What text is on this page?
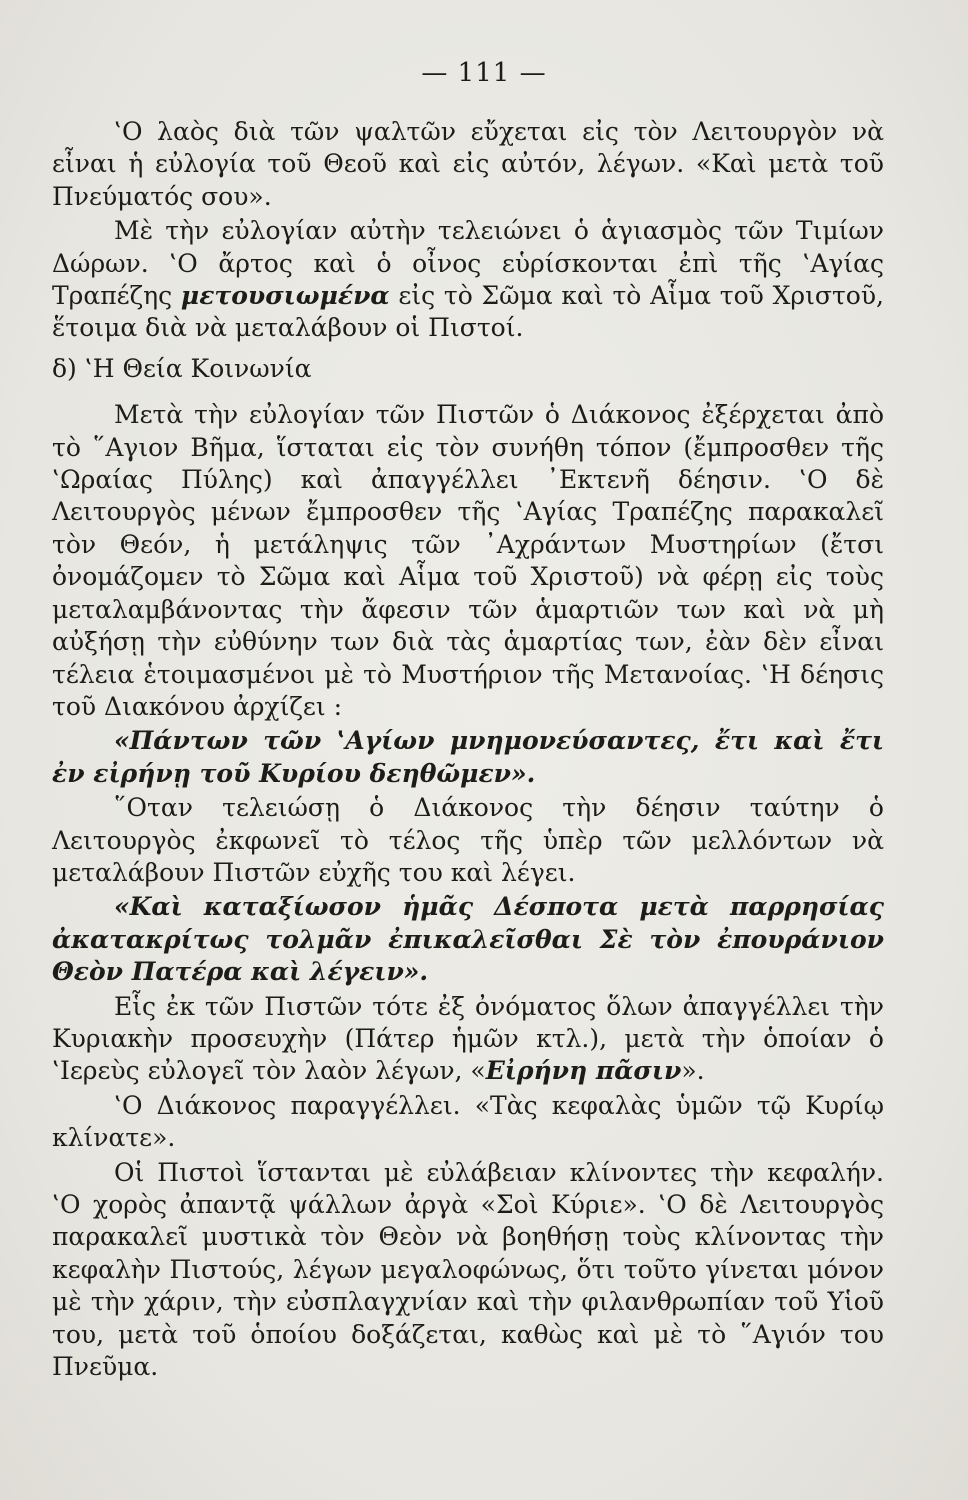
— 111 —

‛Ο λαὸς διὰ τῶν ψαλτῶν εὔχεται εἰς τὸν Λειτουργὸν νὰ εἶναι ἡ εὐλογία τοῦ Θεοῦ καὶ εἰς αὐτόν, λέγων. «Καὶ μετὰ τοῦ Πνεύματός σου».

Μὲ τὴν εὐλογίαν αὐτὴν τελειώνει ὁ ἁγιασμὸς τῶν Τιμίων Δώρων. ‛Ο ἄρτος καὶ ὁ οἶνος εὑρίσκονται ἐπὶ τῆς ‛Αγίας Τραπέζης μετουσιωμένα εἰς τὸ Σῶμα καὶ τὸ Αἷμα τοῦ Χριστοῦ, ἕτοιμα διὰ νὰ μεταλάβουν οἱ Πιστοί.

δ) ‛Η Θεία Κοινωνία

Μετὰ τὴν εὐλογίαν τῶν Πιστῶν ὁ Διάκονος ἐξέρχεται ἀπὸ τὸ ῞Αγιον Βῆμα, ἵσταται εἰς τὸν συνήθη τόπον (ἔμπροσθεν τῆς ‛Ωραίας Πύλης) καὶ ἀπαγγέλλει ᾿Εκτενῆ δέησιν. ‛Ο δὲ Λειτουργὸς μένων ἔμπροσθεν τῆς ‛Αγίας Τραπέζης παρακαλεῖ τὸν Θεόν, ἡ μετάληψις τῶν ᾿Αχράντων Μυστηρίων (ἔτσι ὀνομάζομεν τὸ Σῶμα καὶ Αἷμα τοῦ Χριστοῦ) νὰ φέρῃ εἰς τοὺς μεταλαμβάνοντας τὴν ἄφεσιν τῶν ἁμαρτιῶν των καὶ νὰ μὴ αὐξήσῃ τὴν εὐθύνην των διὰ τὰς ἁμαρτίας των, ἐὰν δὲν εἶναι τέλεια ἑτοιμασμένοι μὲ τὸ Μυστήριον τῆς Μετανοίας. ‛Η δέησις τοῦ Διακόνου ἀρχίζει :

«Πάντων τῶν ‛Αγίων μνημονεύσαντες, ἔτι καὶ ἔτι ἐν εἰρήνῃ τοῦ Κυρίου δεηθῶμεν».

῞Οταν τελειώσῃ ὁ Διάκονος τὴν δέησιν ταύτην ὁ Λειτουργὸς ἐκφωνεῖ τὸ τέλος τῆς ὑπὲρ τῶν μελλόντων νὰ μεταλάβουν Πιστῶν εὐχῆς του καὶ λέγει.

«Καὶ καταξίωσον ἡμᾶς Δέσποτα μετὰ παρρησίας ἀκατακρίτως τολμᾶν ἐπικαλεῖσθαι Σὲ τὸν ἐπουράνιον Θεὸν Πατέρα καὶ λέγειν».

Εἷς ἐκ τῶν Πιστῶν τότε ἐξ ὀνόματος ὅλων ἀπαγγέλλει τὴν Κυριακὴν προσευχὴν (Πάτερ ἡμῶν κτλ.), μετὰ τὴν ὁποίαν ὁ ‛Ιερεὺς εὐλογεῖ τὸν λαὸν λέγων, «Εἰρήνη πᾶσιν».

‛Ο Διάκονος παραγγέλλει. «Τὰς κεφαλὰς ὑμῶν τῷ Κυρίῳ κλίνατε».

Οἱ Πιστοὶ ἵστανται μὲ εὐλάβειαν κλίνοντες τὴν κεφαλήν. ‛Ο χορὸς ἀπαντᾷ ψάλλων ἀργὰ «Σοὶ Κύριε». ‛Ο δὲ Λειτουργὸς παρακαλεῖ μυστικὰ τὸν Θεὸν νὰ βοηθήσῃ τοὺς κλίνοντας τὴν κεφαλὴν Πιστούς, λέγων μεγαλοφώνως, ὅτι τοῦτο γίνεται μόνον μὲ τὴν χάριν, τὴν εὐσπλαγχνίαν καὶ τὴν φιλανθρωπίαν τοῦ Υἱοῦ του, μετὰ τοῦ ὁποίου δοξάζεται, καθὼς καὶ μὲ τὸ ῞Αγιόν του Πνεῦμα.
